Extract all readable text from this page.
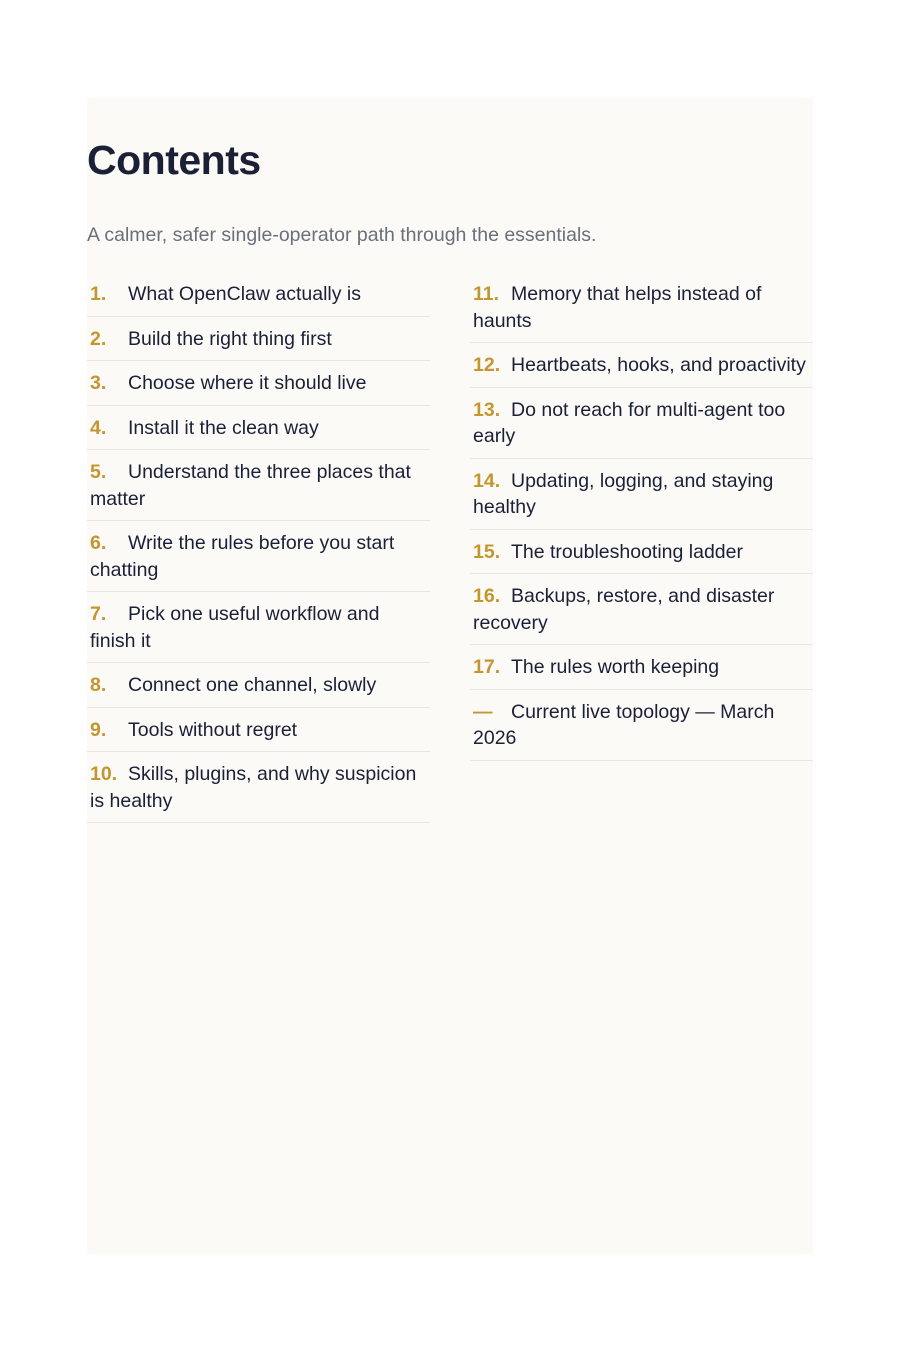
Contents

A calmer, safer single-operator path through the essentials.

1. What OpenClaw actually is
2. Build the right thing first
3. Choose where it should live
4. Install it the clean way
5. Understand the three places that matter
6. Write the rules before you start chatting
7. Pick one useful workflow and finish it
8. Connect one channel, slowly
9. Tools without regret
10. Skills, plugins, and why suspicion is healthy
11. Memory that helps instead of haunts
12. Heartbeats, hooks, and proactivity
13. Do not reach for multi-agent too early
14. Updating, logging, and staying healthy
15. The troubleshooting ladder
16. Backups, restore, and disaster recovery
17. The rules worth keeping
— Current live topology — March 2026
